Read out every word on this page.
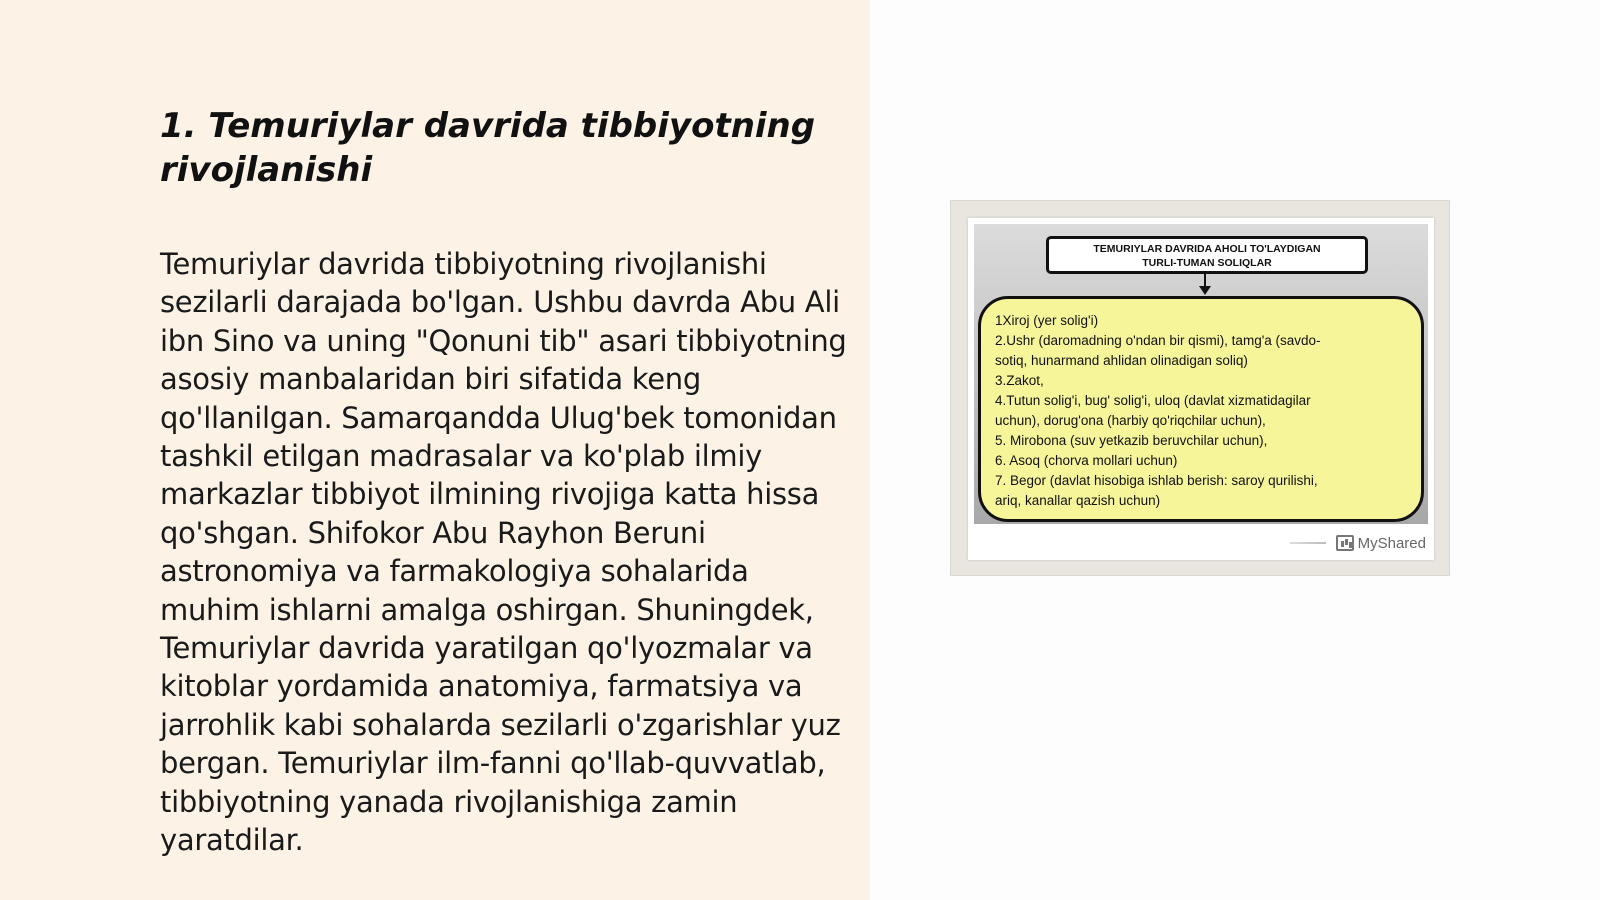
1. Temuriylar davrida tibbiyotning rivojlanishi

Temuriylar davrida tibbiyotning rivojlanishi sezilarli darajada bo'lgan. Ushbu davrda Abu Ali ibn Sino va uning "Qonuni tib" asari tibbiyotning asosiy manbalaridan biri sifatida keng qo'llanilgan. Samarqandda Ulug'bek tomonidan tashkil etilgan madrasalar va ko'plab ilmiy markazlar tibbiyot ilmining rivojiga katta hissa qo'shgan. Shifokor Abu Rayhon Beruni astronomiya va farmakologiya sohalarida muhim ishlarni amalga oshirgan. Shuningdek, Temuriylar davrida yaratilgan qo'lyozmalar va kitoblar yordamida anatomiya, farmatsiya va jarrohlik kabi sohalarda sezilarli o'zgarishlar yuz bergan. Temuriylar ilm-fanni qo'llab-quvvatlab, tibbiyotning yanada rivojlanishiga zamin yaratdilar.

TEMURIYLAR DAVRIDA AHOLI TO'LAYDIGAN
TURLI-TUMAN SOLIQLAR
1Xiroj (yer solig'i)
2.Ushr (daromadning o'ndan bir qismi), tamg'a (savdo-
sotiq, hunarmand ahlidan olinadigan soliq)
3.Zakot,
4.Tutun solig'i, bug' solig'i, uloq (davlat xizmatidagilar
uchun), dorug'ona (harbiy qo'riqchilar uchun),
5. Mirobona (suv yetkazib beruvchilar uchun),
6. Asoq (chorva mollari uchun)
7. Begor (davlat hisobiga ishlab berish: saroy qurilishi,
ariq, kanallar qazish uchun)
MyShared
